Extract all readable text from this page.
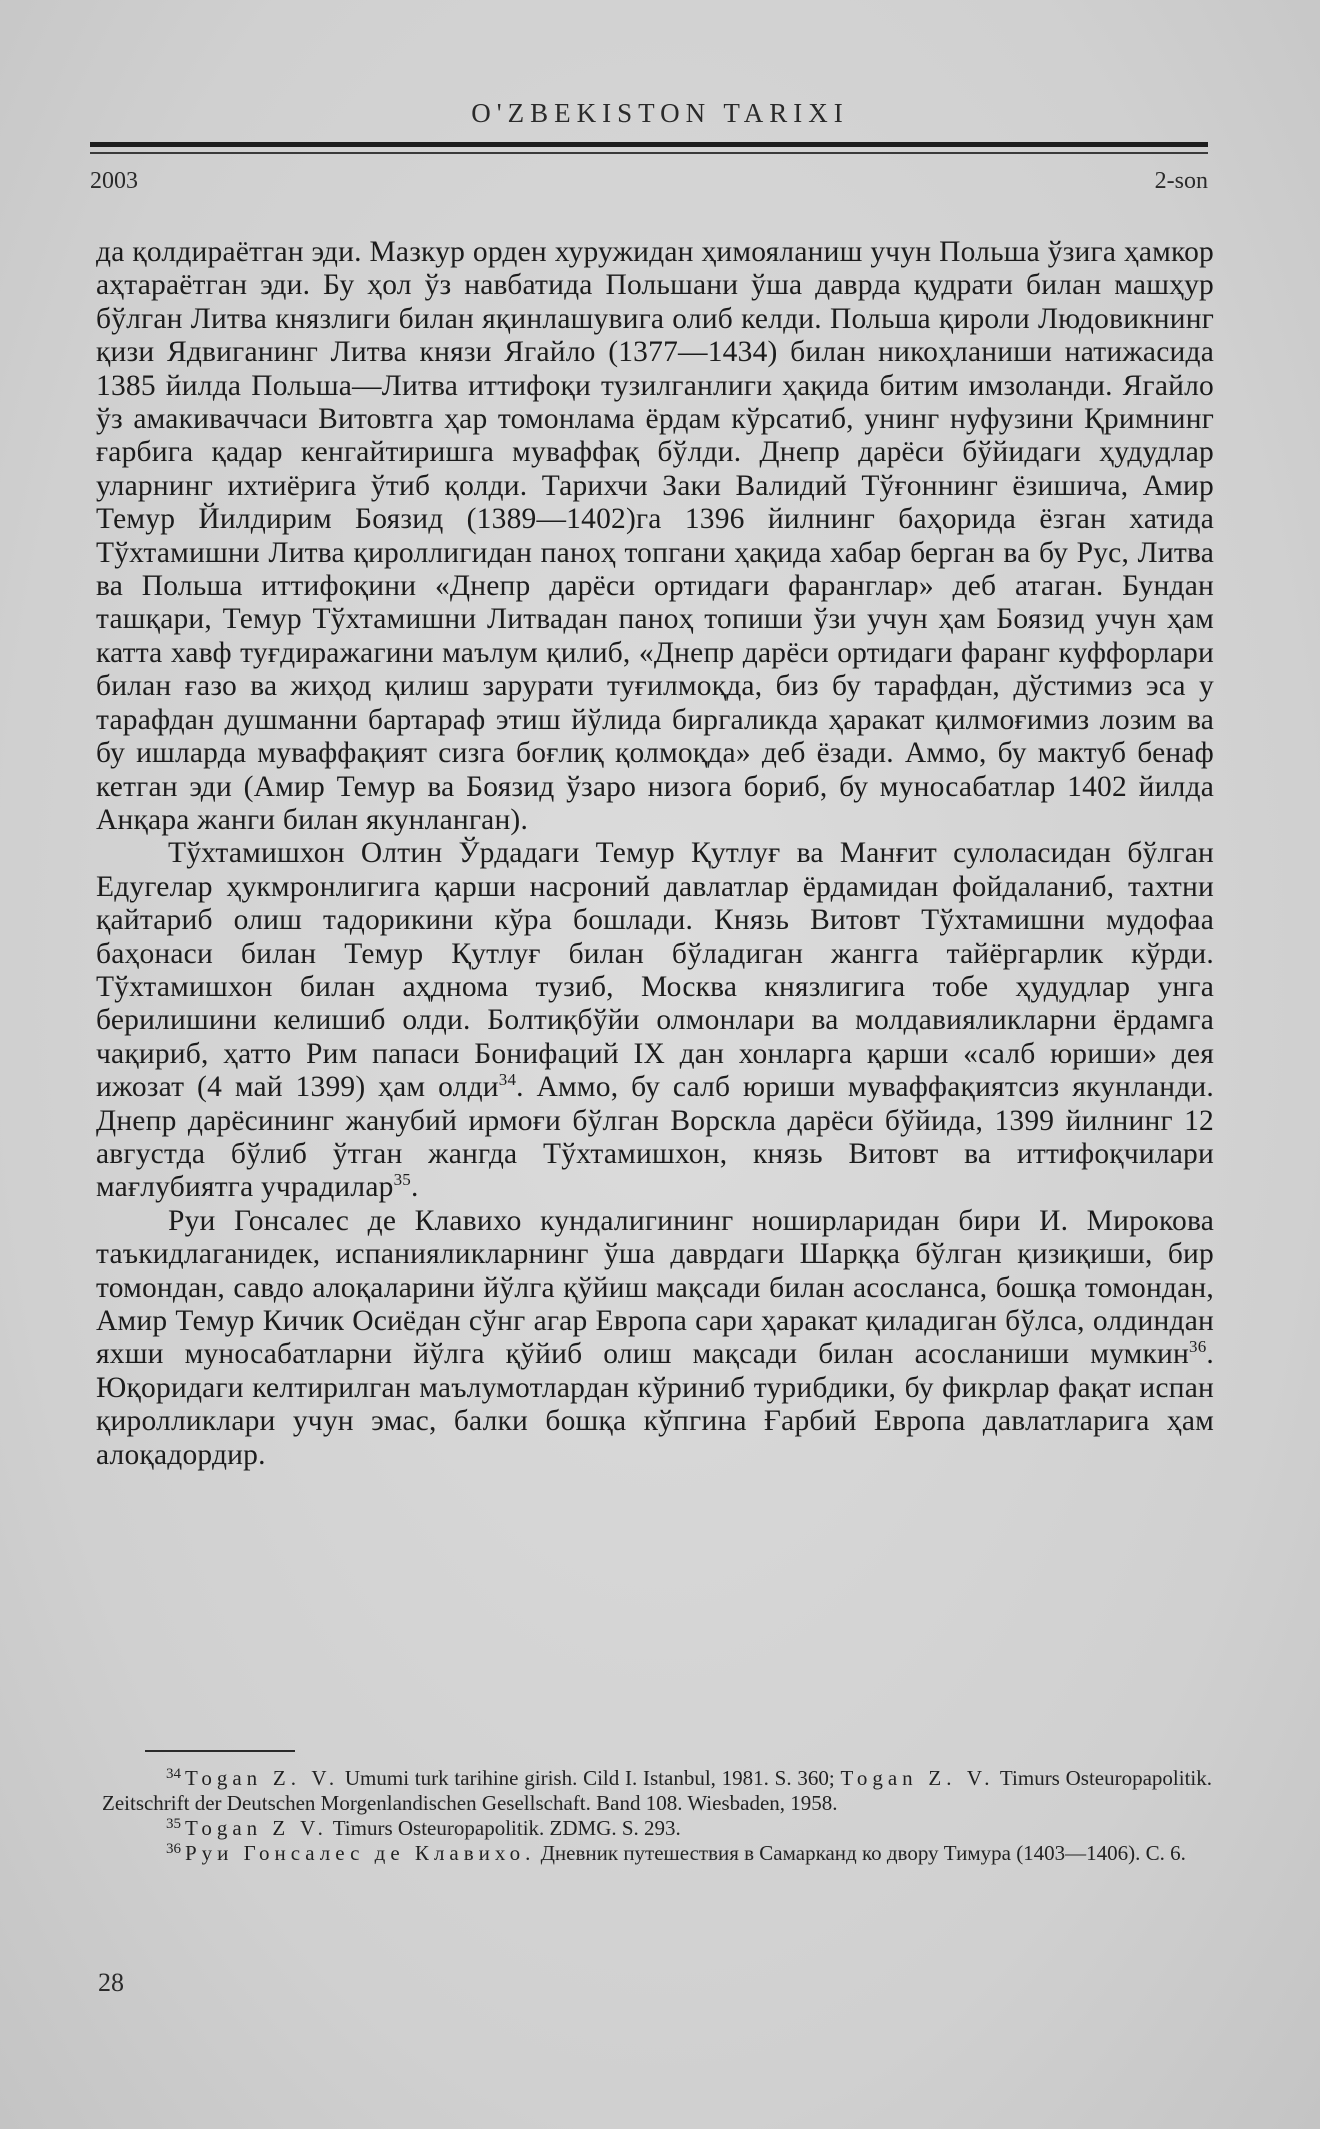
O'ZBEKISTON TARIXI
2003	2-son

да қолдираётган эди. Мазкур орден хуружидан ҳимояланиш учун Польша ўзига ҳамкор аҳтараётган эди. Бу ҳол ўз навбатида Польшани ўша даврда қудрати билан машҳур бўлган Литва князлиги билан яқинлашувига олиб келди. Польша қироли Людовикнинг қизи Ядвиганинг Литва князи Ягайло (1377—1434) билан никоҳланиши натижасида 1385 йилда Польша—Литва иттифоқи тузилганлиги ҳақида битим имзоланди. Ягайло ўз амакиваччаси Витовтга ҳар томонлама ёрдам кўрсатиб, унинг нуфузини Қримнинг ғарбига қадар кенгайтиришга муваффақ бўлди. Днепр дарёси бўйидаги ҳудудлар уларнинг ихтиёрига ўтиб қолди. Тарихчи Заки Валидий Тўғоннинг ёзишича, Амир Темур Йилдирим Боязид (1389—1402)га 1396 йилнинг баҳорида ёзган хатида Тўхтамишни Литва қироллигидан паноҳ топгани ҳақида хабар берган ва бу Рус, Литва ва Польша иттифоқини «Днепр дарёси ортидаги фаранглар» деб атаган. Бундан ташқари, Темур Тўхтамишни Литвадан паноҳ топиши ўзи учун ҳам Боязид учун ҳам катта хавф туғдиражагини маълум қилиб, «Днепр дарёси ортидаги фаранг куффорлари билан ғазо ва жиҳод қилиш зарурати туғилмоқда, биз бу тарафдан, дўстимиз эса у тарафдан душманни бартараф этиш йўлида биргаликда ҳаракат қилмоғимиз лозим ва бу ишларда муваффақият сизга боғлиқ қолмоқда» деб ёзади. Аммо, бу мактуб бенаф кетган эди (Амир Темур ва Боязид ўзаро низога бориб, бу муносабатлар 1402 йилда Анқара жанги билан якунланган).

Тўхтамишхон Олтин Ўрдадаги Темур Қутлуғ ва Манғит сулоласидан бўлган Едугелар ҳукмронлигига қарши насроний давлатлар ёрдамидан фойдаланиб, тахтни қайтариб олиш тадорикини кўра бошлади. Князь Витовт Тўхтамишни мудофаа баҳонаси билан Темур Қутлуғ билан бўладиган жангга тайёргарлик кўрди. Тўхтамишхон билан аҳднома тузиб, Москва князлигига тобе ҳудудлар унга берилишини келишиб олди. Болтиқбўйи олмонлари ва молдавияликларни ёрдамга чақириб, ҳатто Рим папаси Бонифаций IX дан хонларга қарши «салб юриши» дея ижозат (4 май 1399) ҳам олди$^{34}$. Аммо, бу салб юриши муваффақиятсиз якунланди. Днепр дарёсининг жанубий ирмоғи бўлган Ворскла дарёси бўйида, 1399 йилнинг 12 августда бўлиб ўтган жангда Тўхтамишхон, князь Витовт ва иттифоқчилари мағлубиятга учрадилар$^{35}$.

Руи Гонсалес де Клавихо кундалигининг ноширларидан бири И. Мирокова таъкидлаганидек, испанияликларнинг ўша даврдаги Шарққа бўлган қизиқиши, бир томондан, савдо алоқаларини йўлга қўйиш мақсади билан асосланса, бошқа томондан, Амир Темур Кичик Осиёдан сўнг агар Европа сари ҳаракат қиладиган бўлса, олдиндан яхши муносабатларни йўлга қўйиб олиш мақсади билан асосланиши мумкин$^{36}$. Юқоридаги келтирилган маълумотлардан кўриниб турибдики, бу фикрлар фақат испан қиролликлари учун эмас, балки бошқа кўпгина Ғарбий Европа давлатларига ҳам алоқадордир.

$^{34}$ Togan Z. V. Umumi turk tarihine girish. Cild I. Istanbul, 1981. S. 360; Togan Z. V. Timurs Osteuropapolitik. Zeitschrift der Deutschen Morgenlandischen Gesellschaft. Band 108. Wiesbaden, 1958.

$^{35}$ Togan Z V. Timurs Osteuropapolitik. ZDMG. S. 293.

$^{36}$ Руи Гонсалес де Клавихо. Дневник путешествия в Самарканд ко двору Тимура (1403—1406). С. 6.

28
